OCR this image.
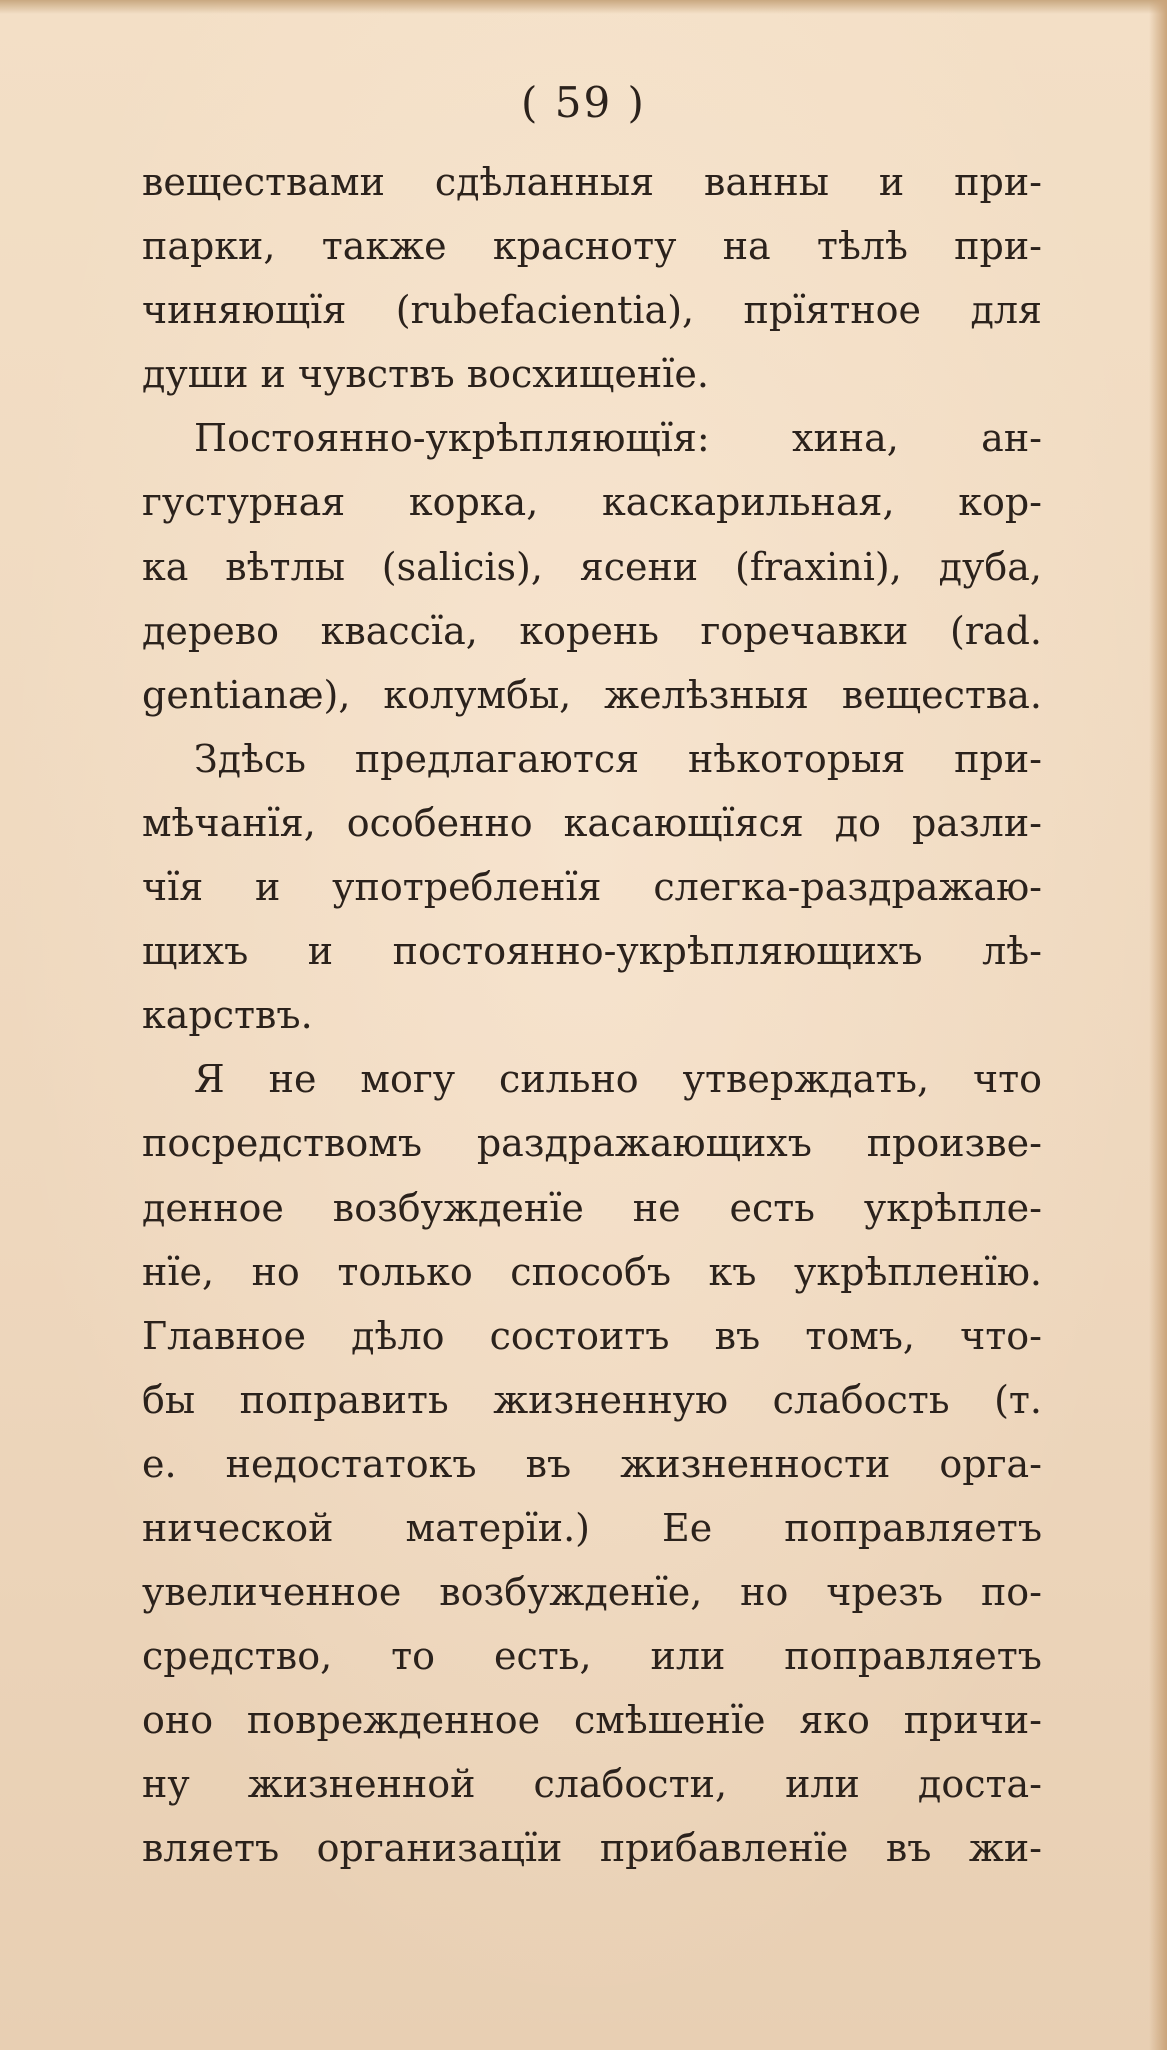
( 59 )
веществами сдѣланныя ванны и при-
парки, также красноту на тѣлѣ при-
чиняющїя (rubefacientia), прїятное для
души и чувствъ восхищенїе.
Постоянно-укрѣпляющїя: хина, ан-
густурная корка, каскарильная, кор-
ка вѣтлы (salicis), ясени (fraxini), дуба,
дерево квассїа, корень горечавки (rad.
gentianæ), колумбы, желѣзныя вещества.
Здѣсь предлагаются нѣкоторыя при-
мѣчанїя, особенно касающїяся до разли-
чїя и употребленїя слегка-раздражаю-
щихъ и постоянно-укрѣпляющихъ лѣ-
карствъ.
Я не могу сильно утверждать, что
посредствомъ раздражающихъ произве-
денное возбужденїе не есть укрѣпле-
нїе, но только способъ къ укрѣпленїю.
Главное дѣло состоитъ въ томъ, что-
бы поправить жизненную слабость (т.
е. недостатокъ въ жизненности орга-
нической матерїи.) Ее поправляетъ
увеличенное возбужденїе, но чрезъ по-
средство, то есть, или поправляетъ
оно поврежденное смѣшенїе яко причи-
ну жизненной слабости, или доста-
вляетъ организацїи прибавленїе въ жи-
